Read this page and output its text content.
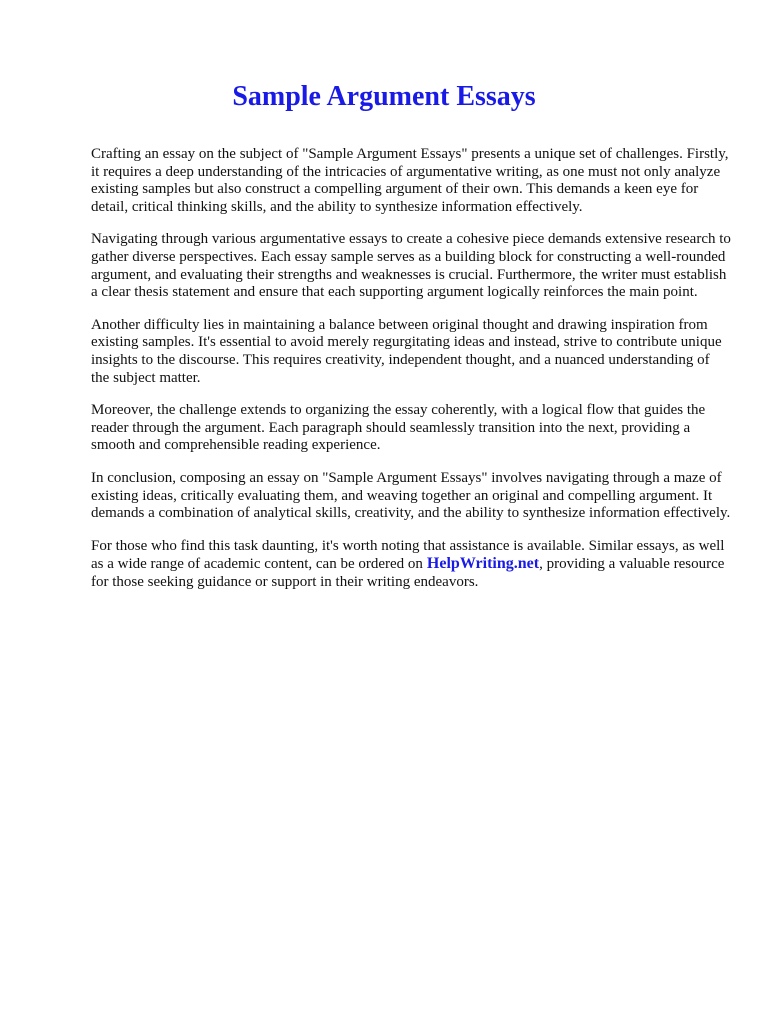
Sample Argument Essays

Crafting an essay on the subject of "Sample Argument Essays" presents a unique set of challenges. Firstly, it requires a deep understanding of the intricacies of argumentative writing, as one must not only analyze existing samples but also construct a compelling argument of their own. This demands a keen eye for detail, critical thinking skills, and the ability to synthesize information effectively.

Navigating through various argumentative essays to create a cohesive piece demands extensive research to gather diverse perspectives. Each essay sample serves as a building block for constructing a well-rounded argument, and evaluating their strengths and weaknesses is crucial. Furthermore, the writer must establish a clear thesis statement and ensure that each supporting argument logically reinforces the main point.

Another difficulty lies in maintaining a balance between original thought and drawing inspiration from existing samples. It's essential to avoid merely regurgitating ideas and instead, strive to contribute unique insights to the discourse. This requires creativity, independent thought, and a nuanced understanding of the subject matter.

Moreover, the challenge extends to organizing the essay coherently, with a logical flow that guides the reader through the argument. Each paragraph should seamlessly transition into the next, providing a smooth and comprehensible reading experience.

In conclusion, composing an essay on "Sample Argument Essays" involves navigating through a maze of existing ideas, critically evaluating them, and weaving together an original and compelling argument. It demands a combination of analytical skills, creativity, and the ability to synthesize information effectively.

For those who find this task daunting, it's worth noting that assistance is available. Similar essays, as well as a wide range of academic content, can be ordered on HelpWriting.net, providing a valuable resource for those seeking guidance or support in their writing endeavors.
